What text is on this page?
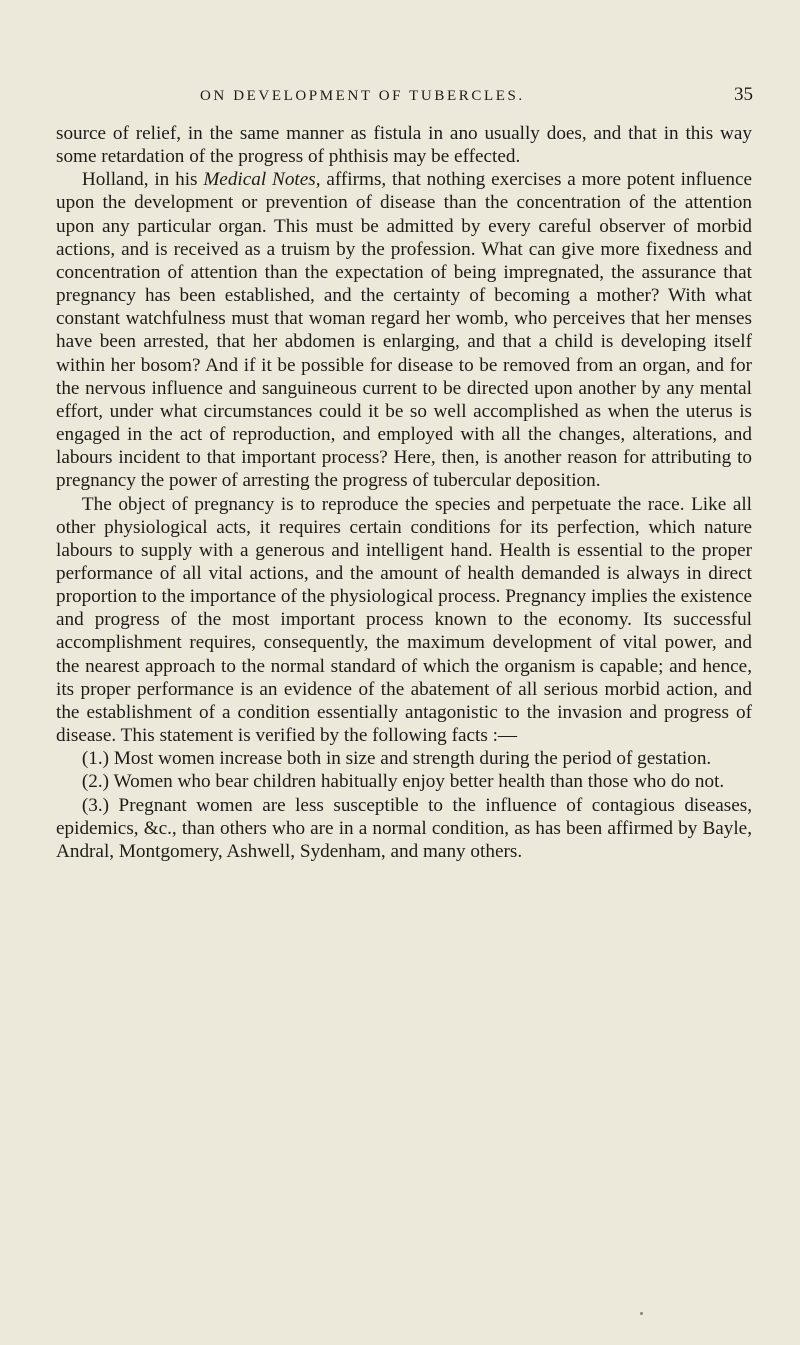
ON DEVELOPMENT OF TUBERCLES.	35

source of relief, in the same manner as fistula in ano usually does, and that in this way some retardation of the progress of phthisis may be effected.

Holland, in his Medical Notes, affirms, that nothing exercises a more potent influence upon the development or prevention of disease than the concentration of the attention upon any particular organ. This must be admitted by every careful observer of morbid actions, and is received as a truism by the profession. What can give more fixedness and concentration of attention than the expectation of being impregnated, the assurance that pregnancy has been established, and the certainty of becoming a mother? With what constant watchfulness must that woman regard her womb, who perceives that her menses have been arrested, that her abdomen is enlarging, and that a child is developing itself within her bosom? And if it be possible for disease to be removed from an organ, and for the nervous influence and sanguineous current to be directed upon another by any mental effort, under what circumstances could it be so well accomplished as when the uterus is engaged in the act of reproduction, and employed with all the changes, alterations, and labours incident to that important process? Here, then, is another reason for attributing to pregnancy the power of arresting the progress of tubercular deposition.

The object of pregnancy is to reproduce the species and perpetuate the race. Like all other physiological acts, it requires certain conditions for its perfection, which nature labours to supply with a generous and intelligent hand. Health is essential to the proper performance of all vital actions, and the amount of health demanded is always in direct proportion to the importance of the physiological process. Pregnancy implies the existence and progress of the most important process known to the economy. Its successful accomplishment requires, consequently, the maximum development of vital power, and the nearest approach to the normal standard of which the organism is capable; and hence, its proper performance is an evidence of the abatement of all serious morbid action, and the establishment of a condition essentially antagonistic to the invasion and progress of disease. This statement is verified by the following facts :—

(1.) Most women increase both in size and strength during the period of gestation.

(2.) Women who bear children habitually enjoy better health than those who do not.

(3.) Pregnant women are less susceptible to the influence of contagious diseases, epidemics, &c., than others who are in a normal condition, as has been affirmed by Bayle, Andral, Montgomery, Ashwell, Sydenham, and many others.
